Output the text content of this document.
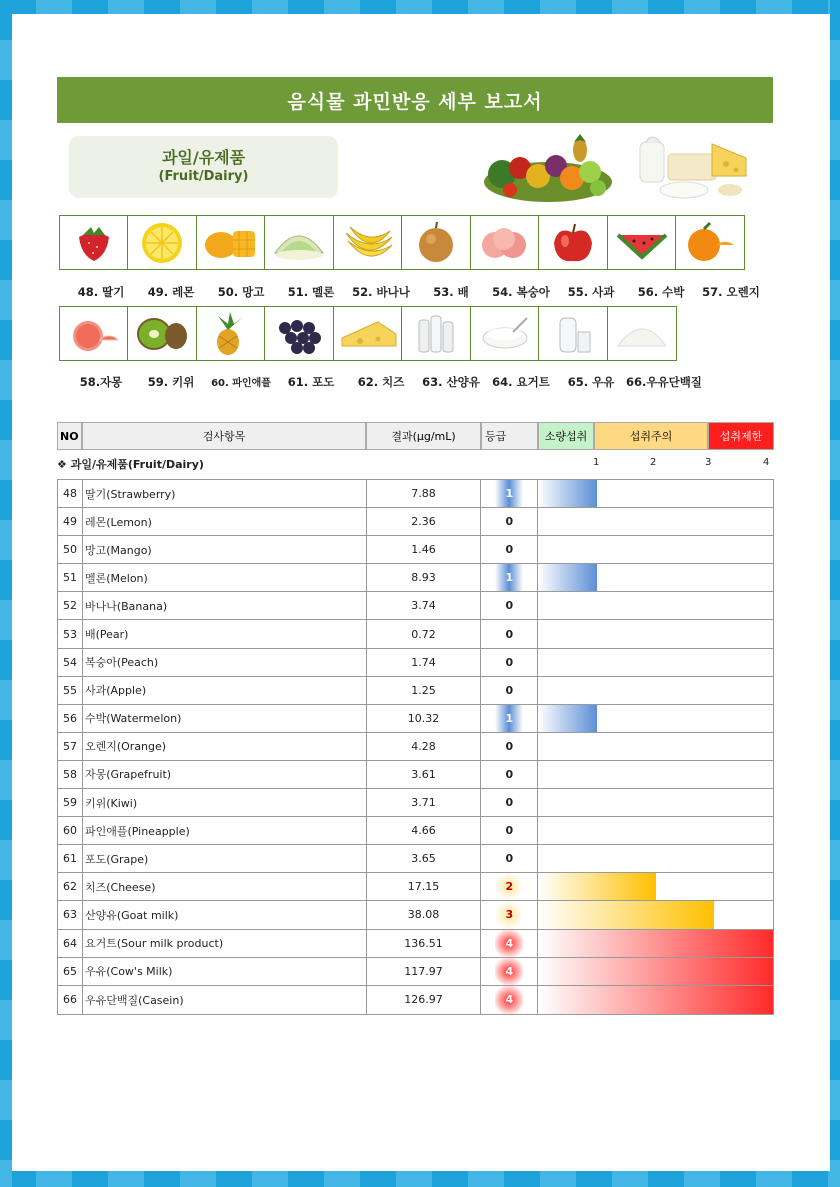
음식물 과민반응 세부 보고서
과일/유제품
(Fruit/Dairy)
48. 딸기	49. 레몬	50. 망고	51. 멜론	52. 바나나	53. 배	54. 복숭아	55. 사과	56. 수박	57. 오렌지
58.자몽	59. 키위	60. 파인애플	61. 포도	62. 치즈	63. 산양유	64. 요거트	65. 우유	66.우유단백질
NO	검사항목	결과(μg/mL)	등급	소량섭취	섭취주의	섭취제한
❖ 과일/유제품(Fruit/Dairy)	1	2	3	4
48 딸기(Strawberry)	7.88	1
49 레몬(Lemon)	2.36	0
50 망고(Mango)	1.46	0
51 멜론(Melon)	8.93	1
52 바나나(Banana)	3.74	0
53 배(Pear)	0.72	0
54 복숭아(Peach)	1.74	0
55 사과(Apple)	1.25	0
56 수박(Watermelon)	10.32	1
57 오렌지(Orange)	4.28	0
58 자몽(Grapefruit)	3.61	0
59 키위(Kiwi)	3.71	0
60 파인애플(Pineapple)	4.66	0
61 포도(Grape)	3.65	0
62 치즈(Cheese)	17.15	2
63 산양유(Goat milk)	38.08	3
64 요거트(Sour milk product)	136.51	4
65 우유(Cow's Milk)	117.97	4
66 우유단백질(Casein)	126.97	4
